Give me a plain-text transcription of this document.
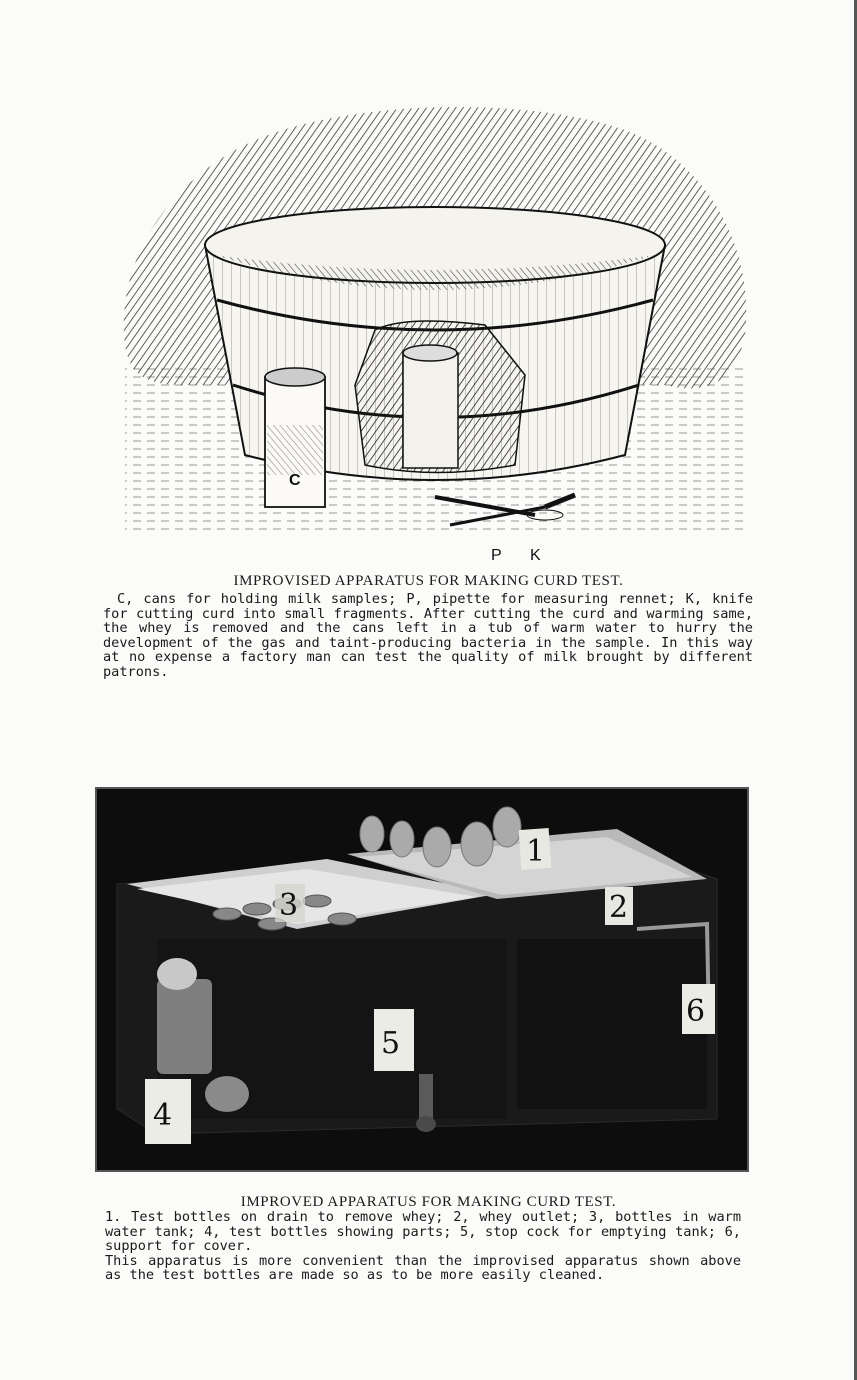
C
P K
IMPROVISED APPARATUS FOR MAKING CURD TEST.
C, cans for holding milk samples; P, pipette for measuring rennet; K, knife for cutting curd into small fragments. After cutting the curd and warming same, the whey is removed and the cans left in a tub of warm water to hurry the development of the gas and taint-producing bacteria in the sample. In this way at no expense a factory man can test the quality of milk brought by different patrons.
1
2
3
4
5
6
IMPROVED APPARATUS FOR MAKING CURD TEST.

1. Test bottles on drain to remove whey; 2, whey outlet; 3, bottles in warm water tank; 4, test bottles showing parts; 5, stop cock for emptying tank; 6, support for cover.

This apparatus is more convenient than the improvised apparatus shown above as the test bottles are made so as to be more easily cleaned.
